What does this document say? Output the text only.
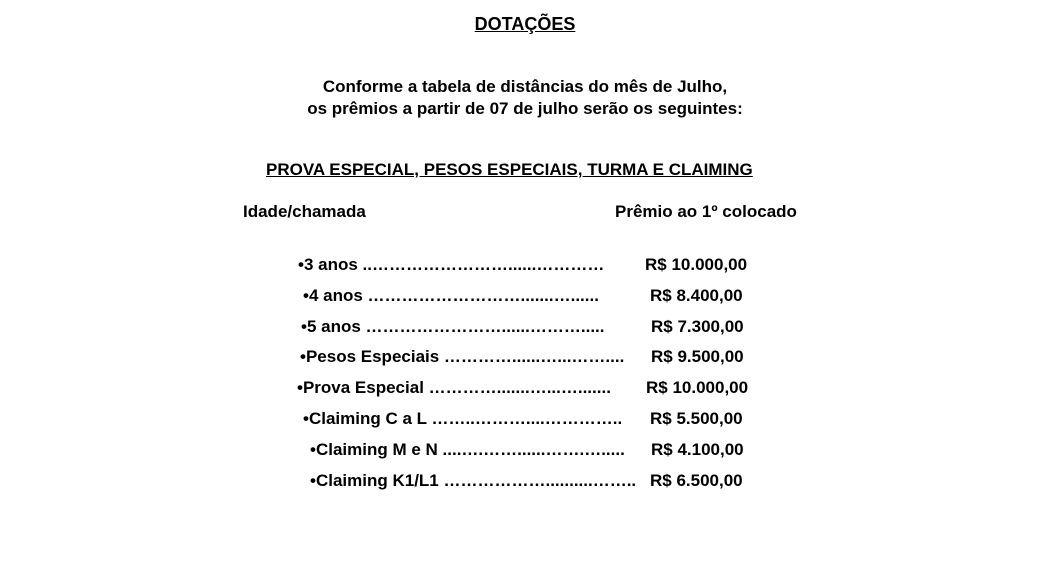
DOTAÇÕES
Conforme a tabela de distâncias do mês de Julho,
os prêmios a partir de 07 de julho serão os seguintes:
PROVA ESPECIAL, PESOS ESPECIAIS, TURMA E CLAIMING
Idade/chamada	Prêmio ao 1º colocado
•3 anos ..……………………......………… R$ 10.000,00
•4 anos ……………………….......…......	R$ 8.400,00
•5 anos ……………………......……….....	R$ 7.300,00
•Pesos Especiais …………......…...…….... R$ 9.500,00
•Prova Especial ………….......…...…....... R$ 10.000,00
•Claiming C a L ……..………....………….. R$ 5.500,00
•Claiming M e N ....….……......…….…..... R$ 4.100,00
•Claiming K1/L1 ………………..........…….. R$ 6.500,00
